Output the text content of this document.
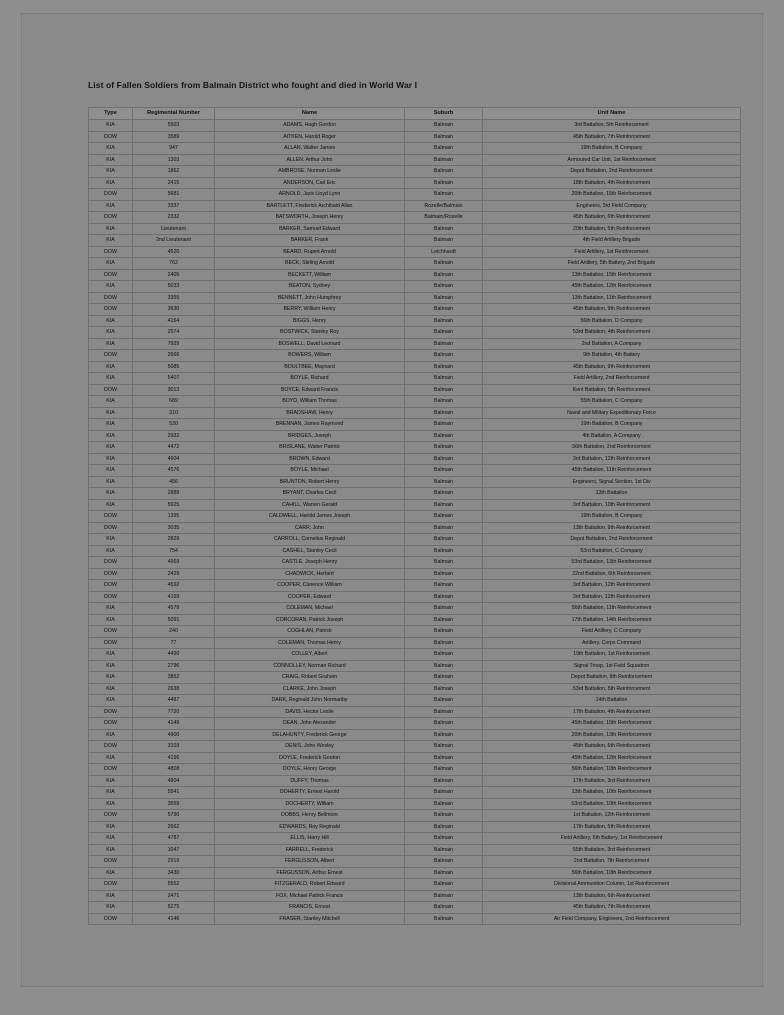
List of Fallen Soldiers from Balmain District who fought and died in World War I
Type	Regimental Number	Name	Suburb	Unit Name
KIA	5503	ADAMS, Hugh Gordon	Balmain	3rd Battalion, 5th Reinforcement
DOW	3589	AITKEN, Harold Roger	Balmain	45th Battalion, 7th Reinforcement
KIA	947	ALLAN, Walter James	Balmain	19th Battalion, B Company
KIA	1303	ALLEN, Arthur John	Balmain	Armoured Car Unit, 1st Reinforcement
KIA	1862	AMBROSE, Norman Leslie	Balmain	Depot Battalion, 2nd Reinforcement
KIA	2415	ANDERSON, Carl Eric	Balmain	18th Battalion, 4th Reinforcement
DOW	5681	ARNOLD, Jack Lloyd Lynn	Balmain	20th Battalion, 15th Reinforcement
KIA	3337	BARTLETT, Frederick Archibald Allan	Rozelle/Balmain	Engineers, 3rd Field Company
DOW	2332	BATSWORTH, Joseph Henry	Balmain/Rozelle	45th Battalion, 6th Reinforcement
KIA	Lieutenant	BARKER, Samuel Edward	Balmain	20th Battalion, 5th Reinforcement
KIA	2nd Lieutenant	BARKER, Frank	Balmain	4th Field Artillery Brigade
DOW	4520	BEARD, Rupert Arnold	Leichhardt	Field Artillery, 1st Reinforcement
KIA	762	BECK, Stirling Arnold	Balmain	Field Artillery, 5th Battery, 2nd Brigade
DOW	2405	BECKETT, William	Balmain	13th Battalion, 15th Reinforcement
KIA	5033	BEATON, Sydney	Balmain	45th Battalion, 12th Reinforcement
DOW	3355	BENNETT, John Humphrey	Balmain	13th Battalion, 11th Reinforcement
DOW	3630	BERRY, William Henry	Balmain	45th Battalion, 9th Reinforcement
KIA	4164	BIGGS, Henry	Balmain	56th Battalion, D Company
KIA	2574	BOSTWICK, Stanley Roy	Balmain	53rd Battalion, 4th Reinforcement
KIA	7929	BOSWELL, David Leonard	Balmain	2nd Battalion, A Company
DOW	2666	BOWERS, William	Balmain	9th Battalion, 4th Battery
KIA	5085	BOULTBEE, Maynard	Balmain	45th Battalion, 9th Reinforcement
KIA	5407	BOYLE, Richard	Balmain	Field Artillery, 2nd Reinforcement
DOW	3013	BOYCE, Edward Francis	Balmain	Kent Battalion, 5th Reinforcement
KIA	689	BOYD, William Thomas	Balmain	55th Battalion, C Company
KIA	310	BRADSHAW, Henry	Balmain	Naval and Military Expeditionary Force
KIA	530	BRENNAN, James Raymond	Balmain	19th Battalion, B Company
KIA	2932	BRIDGES, Joseph	Balmain	4th Battalion, A Company
KIA	4472	BRISLANE, Walter Patrick	Balmain	56th Battalion, 2nd Reinforcement
KIA	4604	BROWN, Edward	Balmain	3rd Battalion, 12th Reinforcement
KIA	4576	BOYLE, Michael	Balmain	45th Battalion, 11th Reinforcement
KIA	456	BRUNTON, Robert Henry	Balmain	Engineers, Signal Section, 1st Div
KIA	2888	BRYANT, Charles Cecil	Balmain	13th Battalion
KIA	5925	CAHILL, Warren Gerald	Balmain	3rd Battalion, 10th Reinforcement
DOW	1395	CALDWELL, Harold James Joseph	Balmain	19th Battalion, B Company
DOW	3035	CARR, John	Balmain	13th Battalion, 9th Reinforcement
KIA	2829	CARROLL, Cornelius Reginald	Balmain	Depot Battalion, 2nd Reinforcement
KIA	754	CASHEL, Stanley Cecil	Balmain	53rd Battalion, C Company
DOW	4969	CASTLE, Joseph Henry	Balmain	53rd Battalion, 13th Reinforcement
DOW	2429	CHADWICK, Herbert	Balmain	22nd Battalion, 6th Reinforcement
DOW	4592	COOPER, Clarence William	Balmain	3rd Battalion, 12th Reinforcement
DOW	4199	COOPER, Edward	Balmain	3rd Battalion, 12th Reinforcement
KIA	4578	COLEMAN, Michael	Balmain	56th Battalion, 11th Reinforcement
KIA	5091	CORCORAN, Patrick Joseph	Balmain	17th Battalion, 14th Reinforcement
DOW	240	COGHLAN, Patrick	Balmain	Field Artillery, C Company
DOW	77	COLEMAN, Thomas Henry	Balmain	Artillery, Corps Command
KIA	4490	COLLEY, Albert	Balmain	19th Battalion, 1st Reinforcement
KIA	2796	CONNOLLEY, Norman Richard	Balmain	Signal Troop, 1st Field Squadron
KIA	3852	CRAIG, Robert Graham	Balmain	Depot Battalion, 9th Reinforcement
KIA	2638	CLARKE, John Joseph	Balmain	53rd Battalion, 5th Reinforcement
KIA	4487	DARK, Reginald John Normanby	Balmain	14th Battalion
DOW	7720	DAVIS, Hector Leslie	Balmain	17th Battalion, 4th Reinforcement
DOW	4149	DEAN, John Alexander	Balmain	45th Battalion, 10th Reinforcement
KIA	4900	DELAHUNTY, Frederick George	Balmain	20th Battalion, 13th Reinforcement
DOW	3103	DENIS, John Wesley	Balmain	45th Battalion, 6th Reinforcement
KIA	4196	DOYLE, Frederick Gordon	Balmain	45th Battalion, 12th Reinforcement
DOW	4808	DOYLE, Henry George	Balmain	56th Battalion, 10th Reinforcement
KIA	4804	DUFFY, Thomas	Balmain	17th Battalion, 3rd Reinforcement
KIA	5541	DOHERTY, Ernest Harold	Balmain	13th Battalion, 10th Reinforcement
KIA	3559	DOCHERTY, William	Balmain	53rd Battalion, 10th Reinforcement
DOW	5790	DOBBS, Henry Bellmore	Balmain	1st Battalion, 12th Reinforcement
KIA	2662	EDWARDS, Roy Reginald	Balmain	17th Battalion, 5th Reinforcement
KIA	4787	ELLIS, Harry Hill	Balmain	Field Artillery, 6th Battery, 1st Reinforcement
KIA	1047	FARRELL, Frederick	Balmain	55th Battalion, 3rd Reinforcement
DOW	2919	FERGUSSON, Albert	Balmain	2nd Battalion, 7th Reinforcement
KIA	3430	FERGUSSON, Arthur Ernest	Balmain	56th Battalion, 10th Reinforcement
DOW	5552	FITZGERALD, Robert Edward	Balmain	Divisional Ammunition Column, 1st Reinforcement
KIA	2471	FOX, Michael Patrick Francis	Balmain	13th Battalion, 6th Reinforcement
KIA	5275	FRANCIS, Ernest	Balmain	45th Battalion, 7th Reinforcement
DOW	4146	FRASER, Stanley Mitchell	Balmain	Air Field Company, Engineers, 2nd Reinforcement
